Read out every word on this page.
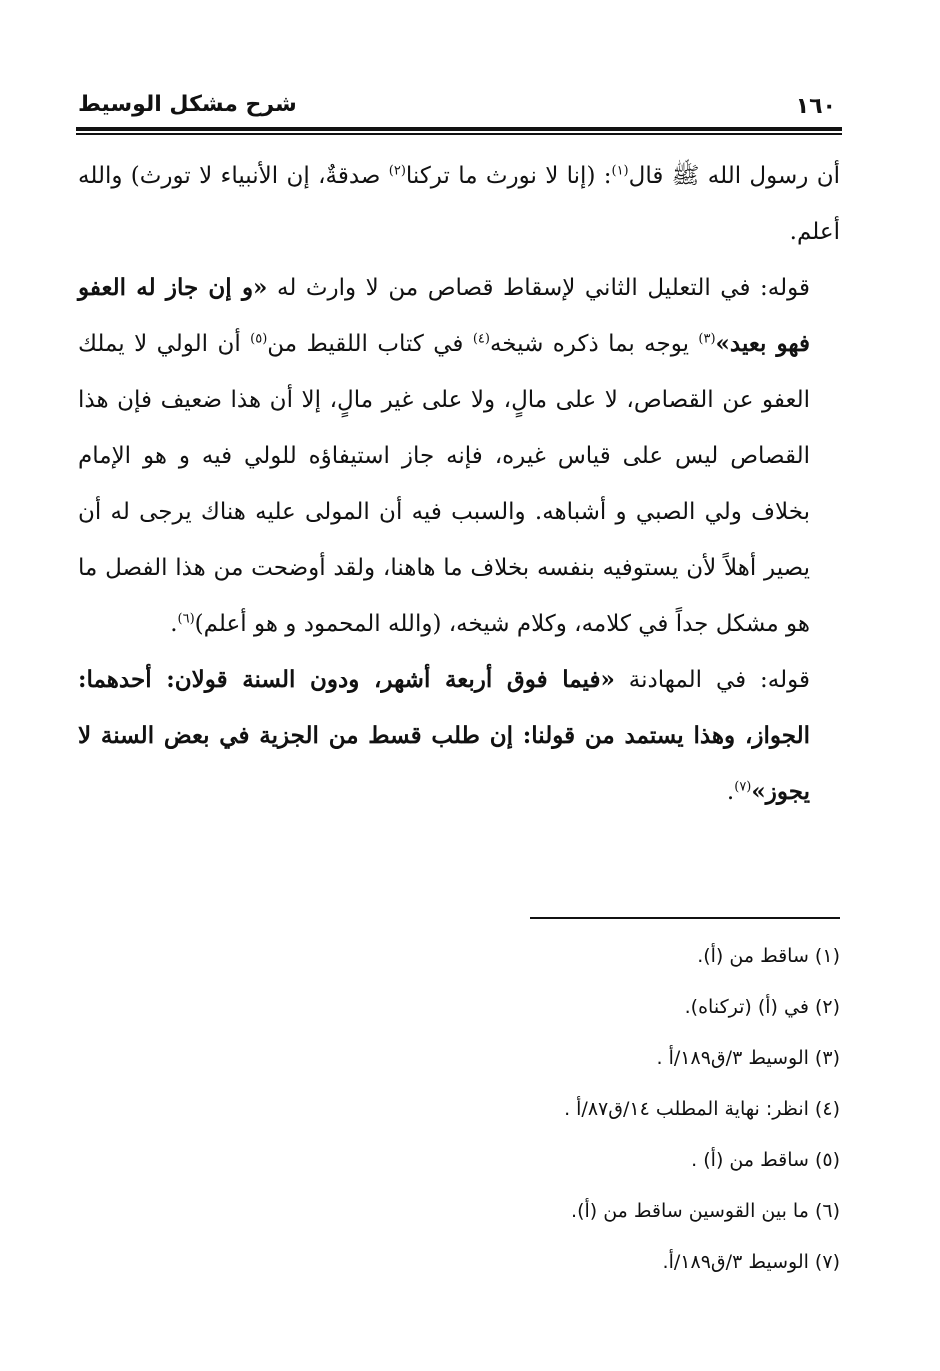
١٦٠
شرح مشكل الوسيط

أن رسول الله ﷺ قال$^{(١)}$: (إنا لا نورث ما تركنا$^{(٢)}$ صدقةٌ، إن الأنبياء لا تورث) والله أعلم.

قوله: في التعليل الثاني لإسقاط قصاص من لا وارث له «و إن جاز له العفو فهو بعيد»$^{(٣)}$ يوجه بما ذكره شيخه$^{(٤)}$ في كتاب اللقيط من$^{(٥)}$ أن الولي لا يملك العفو عن القصاص، لا على مالٍ، ولا على غير مالٍ، إلا أن هذا ضعيف فإن هذا القصاص ليس على قياس غيره، فإنه جاز استيفاؤه للولي فيه و هو الإمام بخلاف ولي الصبي و أشباهه. والسبب فيه أن المولى عليه هناك يرجى له أن يصير أهلاً لأن يستوفيه بنفسه بخلاف ما هاهنا، ولقد أوضحت من هذا الفصل ما هو مشكل جداً في كلامه، وكلام شيخه، (والله المحمود و هو أعلم)$^{(٦)}$.

قوله: في المهادنة «فيما فوق أربعة أشهر، ودون السنة قولان: أحدهما: الجواز، وهذا يستمد من قولنا: إن طلب قسط من الجزية في بعض السنة لا يجوز»$^{(٧)}$.

(١) ساقط من (أ).
(٢) في (أ) (تركناه).
(٣) الوسيط ٣/ق١٨٩/أ .
(٤) انظر: نهاية المطلب ١٤/ق٨٧/أ .
(٥) ساقط من (أ) .
(٦) ما بين القوسين ساقط من (أ).
(٧) الوسيط ٣/ق١٨٩/أ.
